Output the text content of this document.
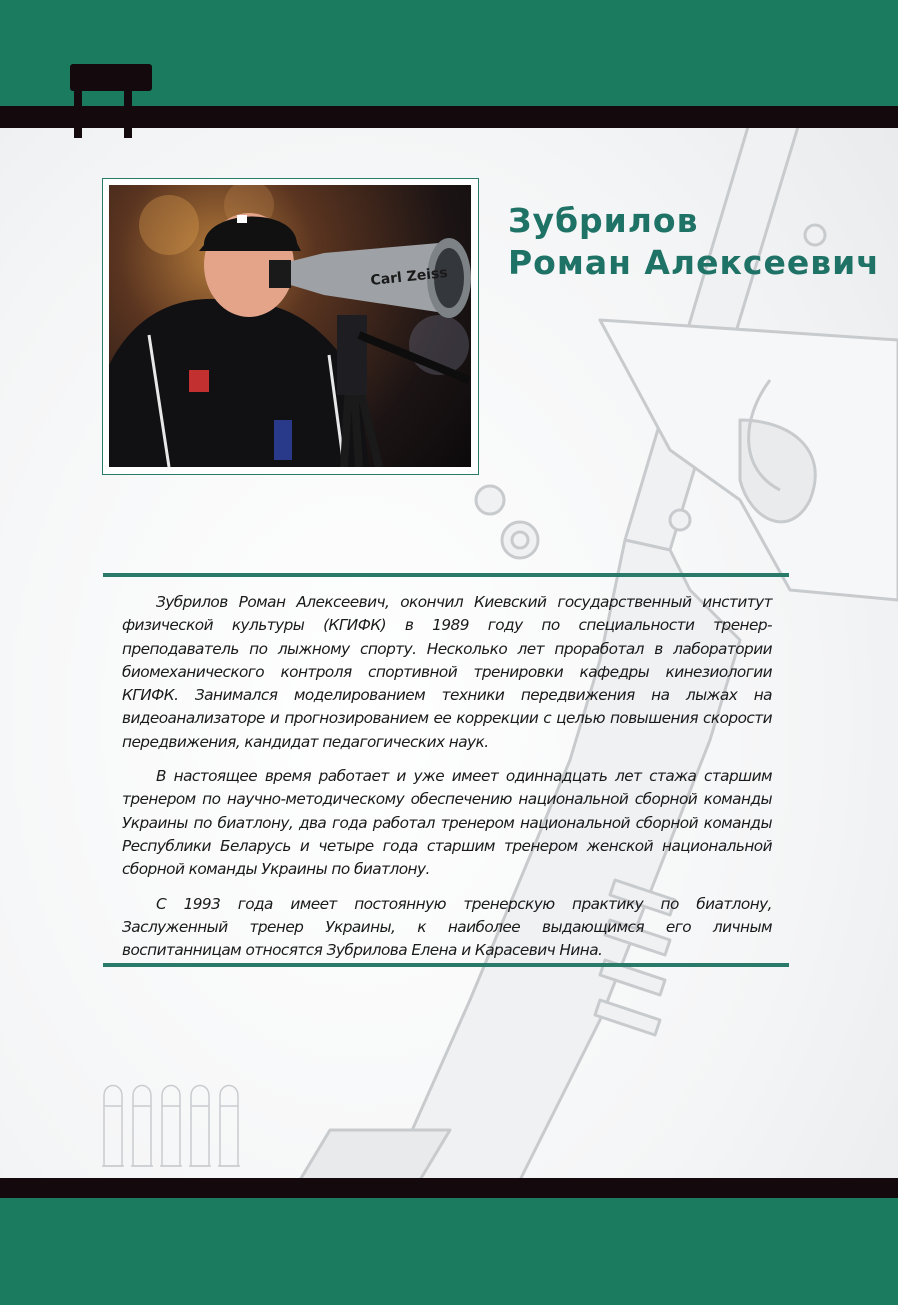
Carl Zeiss
Зубрилов
Роман Алексеевич

Зубрилов Роман Алексеевич, окончил Киевский государственный институт физической культуры (КГИФК) в 1989 году по специальности тренер-преподаватель по лыжному спорту. Несколько лет проработал в лаборатории биомеханического контроля спортивной тренировки кафедры кинезиологии КГИФК. Занимался моделированием техники передвижения на лыжах на видеоанализаторе и прогнозированием ее коррекции с целью повышения скорости передвижения, кандидат педагогических наук.

В настоящее время работает и уже имеет одиннадцать лет стажа старшим тренером по научно-методическому обеспечению национальной сборной команды Украины по биатлону, два года работал тренером национальной сборной команды Республики Беларусь и четыре года старшим тренером женской национальной сборной команды Украины по биатлону.

С 1993 года имеет постоянную тренерскую практику по биатлону, Заслуженный тренер Украины, к наиболее выдающимся его личным воспитанницам относятся Зубрилова Елена и Карасевич Нина.
